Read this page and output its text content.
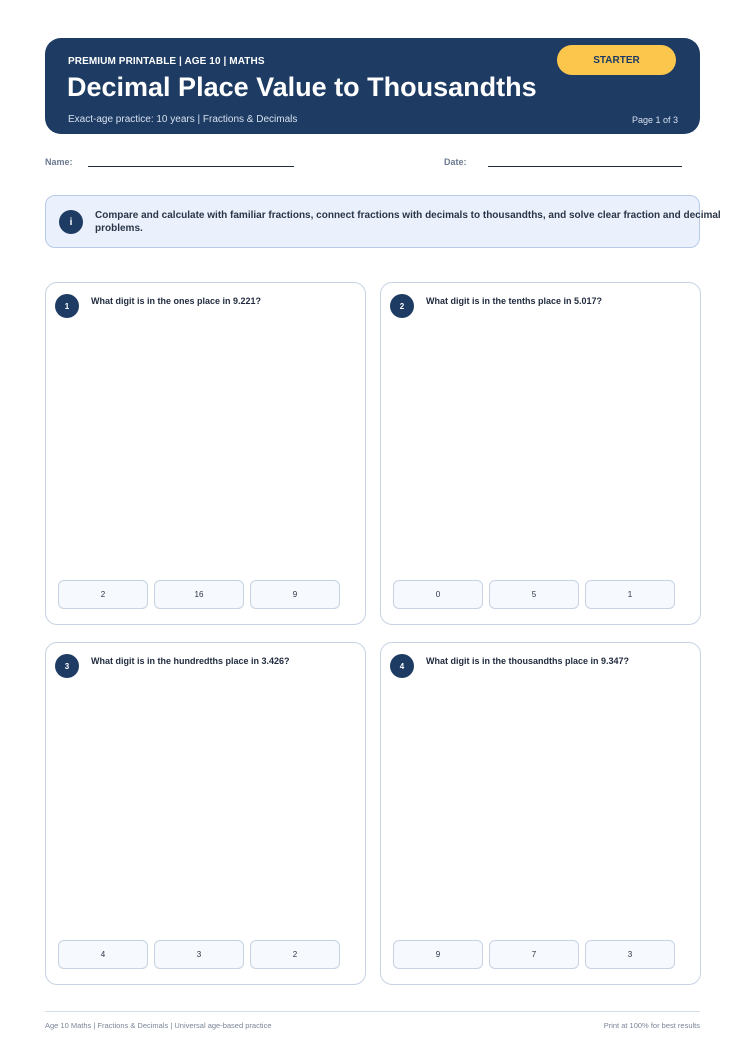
PREMIUM PRINTABLE | AGE 10 | MATHS
Decimal Place Value to Thousandths
Exact-age practice: 10 years | Fractions & Decimals	Page 1 of 3
STARTER
Name:	Date:
i
Compare and calculate with familiar fractions, connect fractions with decimals to thousandths, and solve clear fraction and decimal problems.
1	What digit is in the ones place in 9.221?
2	16	9
2	What digit is in the tenths place in 5.017?
0	5	1
3	What digit is in the hundredths place in 3.426?
4	3	2
4	What digit is in the thousandths place in 9.347?
9	7	3
Age 10 Maths | Fractions & Decimals | Universal age-based practice	Print at 100% for best results
